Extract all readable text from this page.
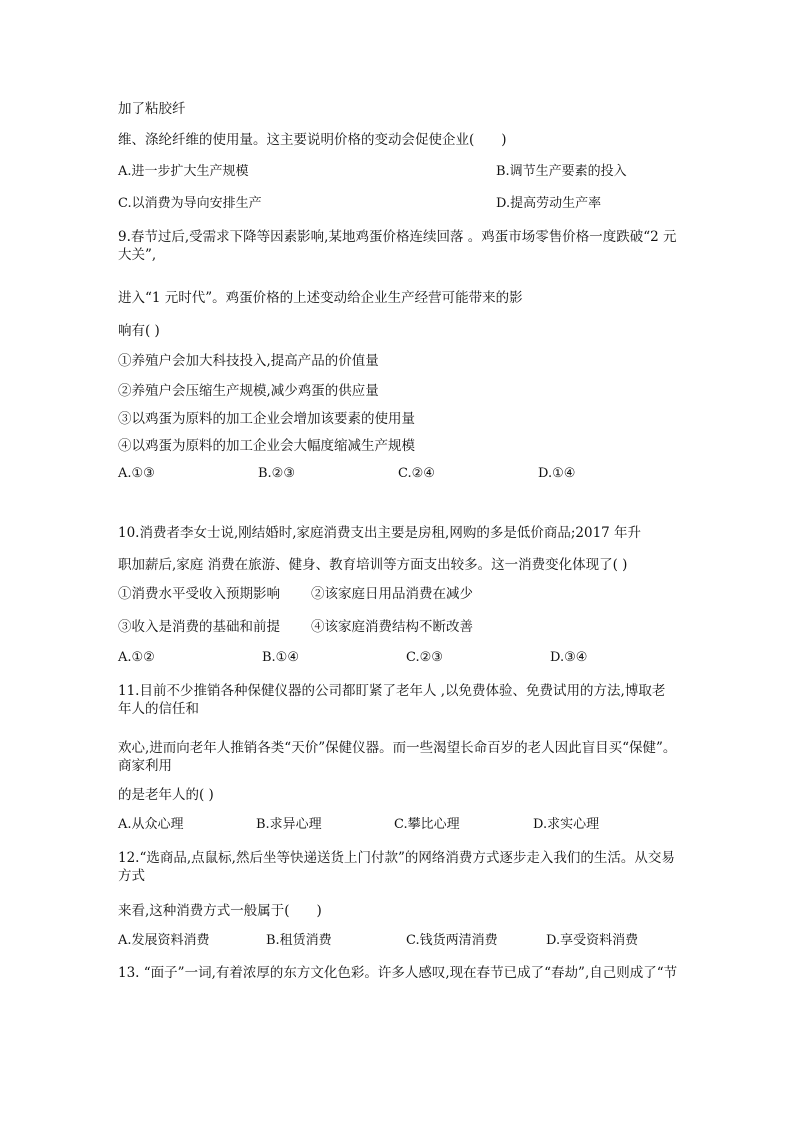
加了粘胶纤
维、涤纶纤维的使用量。这主要说明价格的变动会促使企业(　　)
A.进一步扩大生产规模	B.调节生产要素的投入
C.以消费为导向安排生产	D.提高劳动生产率
9.春节过后,受需求下降等因素影响,某地鸡蛋价格连续回落 。鸡蛋市场零售价格一度跌破“2 元大关”,
进入“1 元时代”。鸡蛋价格的上述变动给企业生产经营可能带来的影
响有( )
①养殖户会加大科技投入,提高产品的价值量
②养殖户会压缩生产规模,减少鸡蛋的供应量
③以鸡蛋为原料的加工企业会增加该要素的使用量
④以鸡蛋为原料的加工企业会大幅度缩减生产规模
A.①③	B.②③	C.②④	D.①④
10.消费者李女士说,刚结婚时,家庭消费支出主要是房租,网购的多是低价商品;2017 年升
职加薪后,家庭 消费在旅游、健身、教育培训等方面支出较多。这一消费变化体现了( )
①消费水平受收入预期影响 ②该家庭日用品消费在减少
③收入是消费的基础和前提 ④该家庭消费结构不断改善
A.①②	B.①④	C.②③	D.③④
11.目前不少推销各种保健仪器的公司都盯紧了老年人 ,以免费体验、免费试用的方法,博取老年人的信任和
欢心,进而向老年人推销各类“天价”保健仪器。而一些渴望长命百岁的老人因此盲目买“保健”。商家利用
的是老年人的( )
A.从众心理	B.求异心理	C.攀比心理	D.求实心理
12.“选商品,点鼠标,然后坐等快递送货上门付款”的网络消费方式逐步走入我们的生活。从交易方式
来看,这种消费方式一般属于(　　)
A.发展资料消费	B.租赁消费	C.钱货两清消费	D.享受资料消费
13. “面子”一词,有着浓厚的东方文化色彩。许多人感叹,现在春节已成了“春劫”,自己则成了“节
